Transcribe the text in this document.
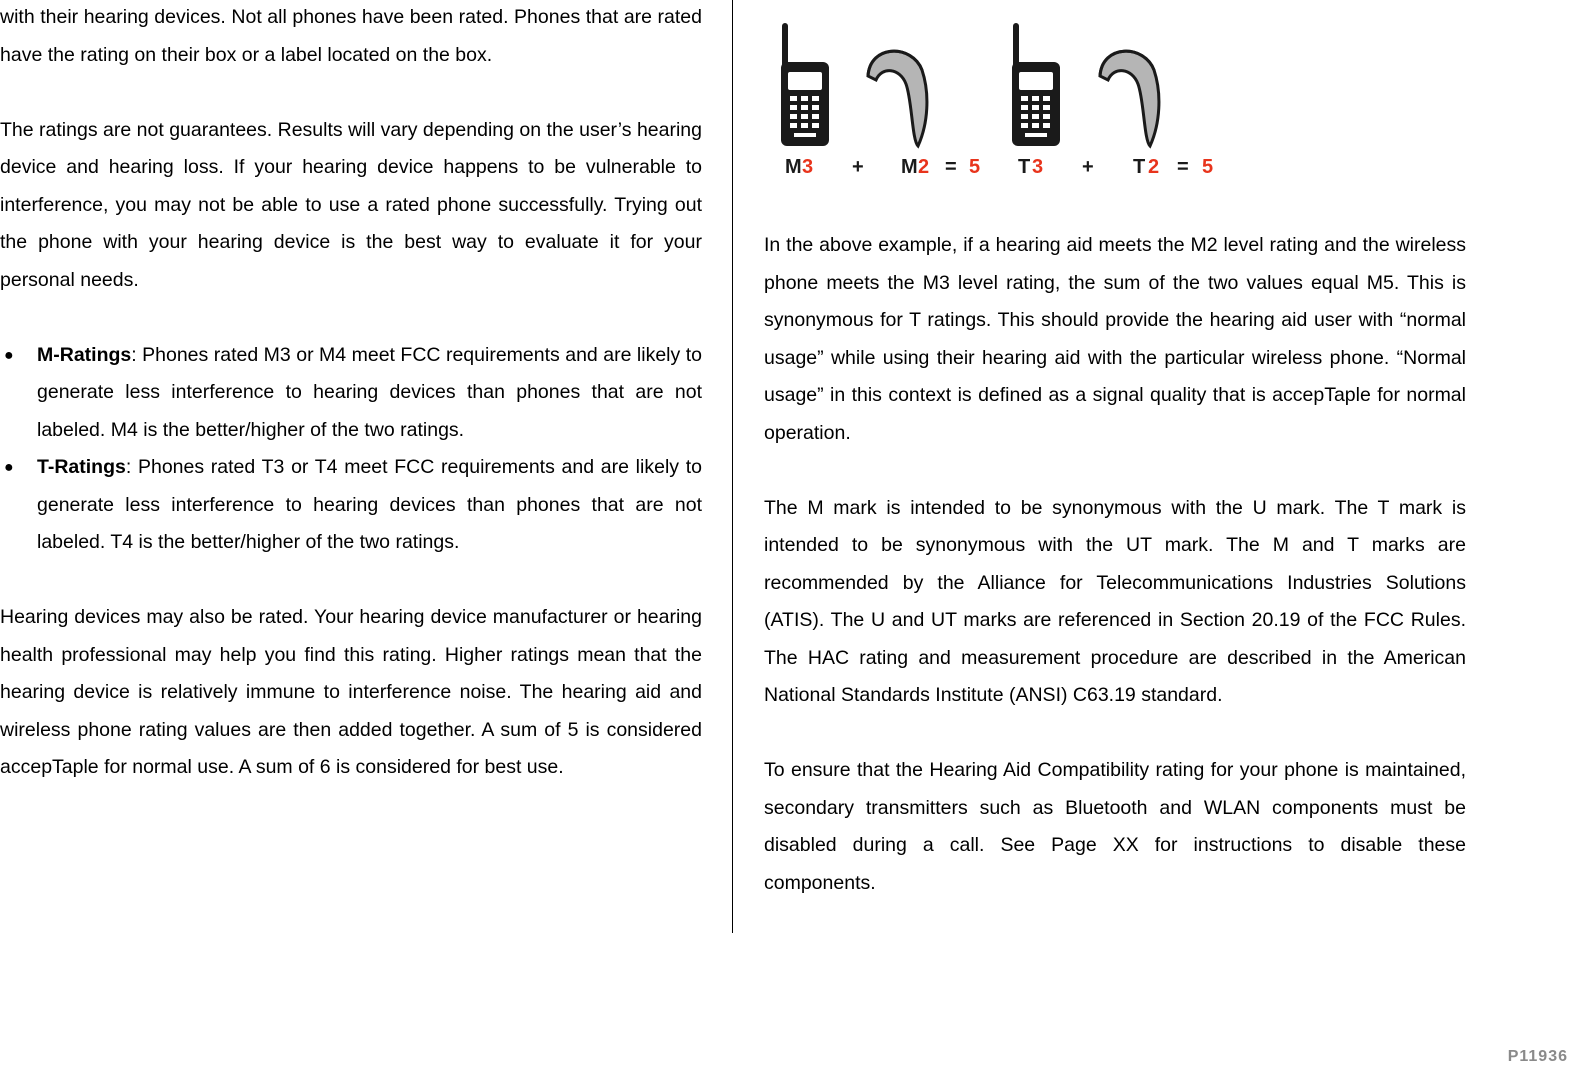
with their hearing devices. Not all phones have been rated. Phones that are rated have the rating on their box or a label located on the box.

The ratings are not guarantees. Results will vary depending on the user’s hearing device and hearing loss. If your hearing device happens to be vulnerable to interference, you may not be able to use a rated phone successfully. Trying out the phone with your hearing device is the best way to evaluate it for your personal needs.

● M-Ratings: Phones rated M3 or M4 meet FCC requirements and are likely to generate less interference to hearing devices than phones that are not labeled. M4 is the better/higher of the two ratings.
● T-Ratings: Phones rated T3 or T4 meet FCC requirements and are likely to generate less interference to hearing devices than phones that are not labeled. T4 is the better/higher of the two ratings.

Hearing devices may also be rated. Your hearing device manufacturer or hearing health professional may help you find this rating. Higher ratings mean that the hearing device is relatively immune to interference noise. The hearing aid and wireless phone rating values are then added together. A sum of 5 is considered accepTaple for normal use. A sum of 6 is considered for best use.

M 3 + M 2 = 5 T 3 + T 2 = 5

In the above example, if a hearing aid meets the M2 level rating and the wireless phone meets the M3 level rating, the sum of the two values equal M5. This is synonymous for T ratings. This should provide the hearing aid user with “normal usage” while using their hearing aid with the particular wireless phone. “Normal usage” in this context is defined as a signal quality that is accepTaple for normal operation.

The M mark is intended to be synonymous with the U mark. The T mark is intended to be synonymous with the UT mark. The M and T marks are recommended by the Alliance for Telecommunications Industries Solutions (ATIS). The U and UT marks are referenced in Section 20.19 of the FCC Rules. The HAC rating and measurement procedure are described in the American National Standards Institute (ANSI) C63.19 standard.

To ensure that the Hearing Aid Compatibility rating for your phone is maintained, secondary transmitters such as Bluetooth and WLAN components must be disabled during a call. See Page XX for instructions to disable these components.

P11936
